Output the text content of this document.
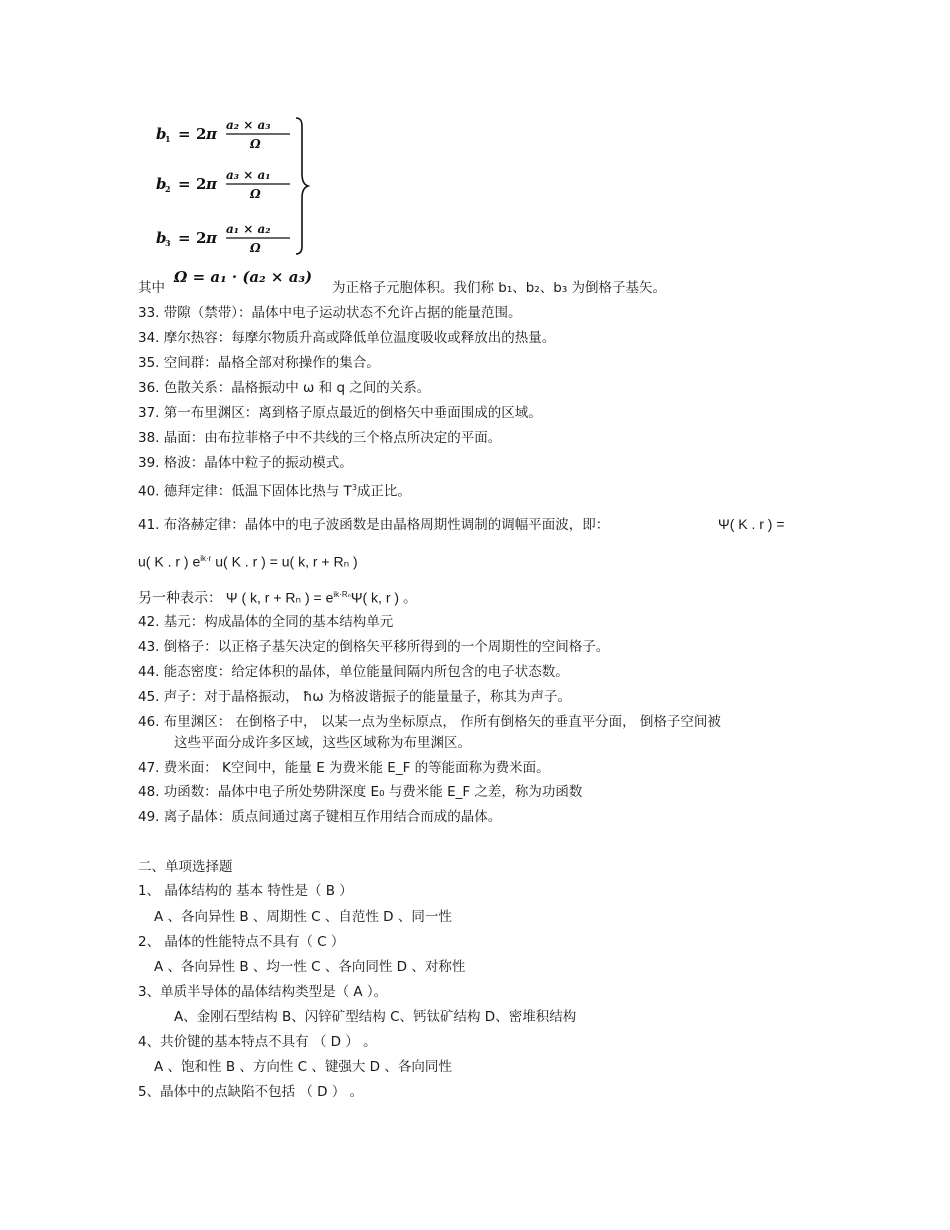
b
1 = 2 π a₂ × a₃
Ω
b
2 = 2 π a₃ × a₁
Ω
b
3 = 2 π a₁ × a₂
Ω
其中
Ω = a₁ · (a₂ × a₃)
为正格子元胞体积。我们称 b₁、b₂、b₃ 为倒格子基矢。
33. 带隙（禁带）：晶体中电子运动状态不允许占据的能量范围。
34. 摩尔热容：每摩尔物质升高或降低单位温度吸收或释放出的热量。
35. 空间群：晶格全部对称操作的集合。
36. 色散关系：晶格振动中 ω 和 q 之间的关系。
37. 第一布里渊区：离到格子原点最近的倒格矢中垂面围成的区域。
38. 晶面：由布拉菲格子中不共线的三个格点所决定的平面。
39. 格波：晶体中粒子的振动模式。
40. 德拜定律：低温下固体比热与 $T^3$成正比。
41. 布洛赫定律：晶体中的电子波函数是由晶格周期性调制的调幅平面波，即：	Ψ( K . r ) =
u( K . r ) $e^{ik\cdot r}$ u( K . r ) = u( k, r + Rₙ )
另一种表示： Ψ ( k, r + Rₙ ) = $e^{ik\cdot R_n}\Psi$( k, r ) 。
42. 基元：构成晶体的全同的基本结构单元
43. 倒格子：以正格子基矢决定的倒格矢平移所得到的一个周期性的空间格子。
44. 能态密度：给定体积的晶体，单位能量间隔内所包含的电子状态数。
45. 声子：对于晶格振动， ħω 为格波谐振子的能量量子，称其为声子。
46. 布里渊区： 在倒格子中， 以某一点为坐标原点， 作所有倒格矢的垂直平分面， 倒格子空间被
这些平面分成许多区域，这些区域称为布里渊区。
47. 费米面： K空间中，能量 E 为费米能 E_F 的等能面称为费米面。
48. 功函数：晶体中电子所处势阱深度 E₀ 与费米能 E_F 之差，称为功函数
49. 离子晶体：质点间通过离子键相互作用结合而成的晶体。
二、单项选择题
1、 晶体结构的 基本 特性是（ B ）
A 、各向异性 B 、周期性 C 、自范性 D 、同一性
2、 晶体的性能特点不具有（ C ）
A 、各向异性 B 、均一性 C 、各向同性 D 、对称性
3、单质半导体的晶体结构类型是（ A ）。
A、金刚石型结构 B、闪锌矿型结构 C、钙钛矿结构 D、密堆积结构
4、共价键的基本特点不具有 （ D ） 。
A 、饱和性 B 、方向性 C 、键强大 D 、各向同性
5、晶体中的点缺陷不包括 （ D ） 。
